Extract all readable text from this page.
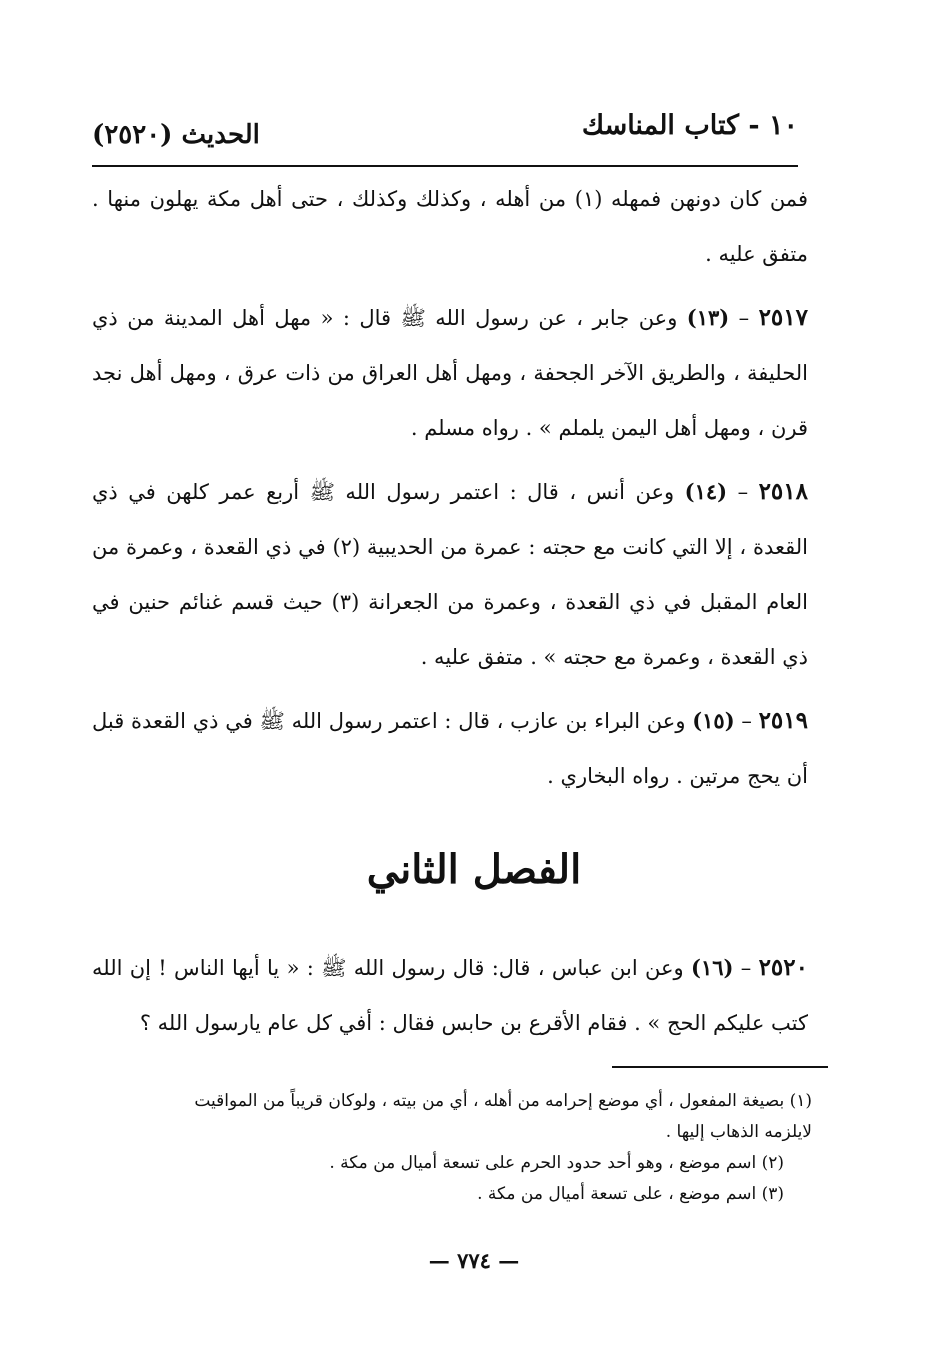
١٠ - كتاب المناسك
الحديث (٢٥٢٠)

فمن كان دونهن فمهله (١) من أهله ، وكذلك وكذلك ، حتى أهل مكة يهلون منها . متفق عليه .

٢٥١٧ – (١٣) وعن جابر ، عن رسول الله ﷺ قال : « مهل أهل المدينة من ذي الحليفة ، والطريق الآخر الجحفة ، ومهل أهل العراق من ذات عرق ، ومهل أهل نجد قرن ، ومهل أهل اليمن يلملم » . رواه مسلم .

٢٥١٨ – (١٤) وعن أنس ، قال : اعتمر رسول الله ﷺ أربع عمر كلهن في ذي القعدة ، إلا التي كانت مع حجته : عمرة من الحديبية (٢) في ذي القعدة ، وعمرة من العام المقبل في ذي القعدة ، وعمرة من الجعرانة (٣) حيث قسم غنائم حنين في ذي القعدة ، وعمرة مع حجته » . متفق عليه .

٢٥١٩ – (١٥) وعن البراء بن عازب ، قال : اعتمر رسول الله ﷺ في ذي القعدة قبل أن يحج مرتين . رواه البخاري .

الفصل الثاني

٢٥٢٠ – (١٦) وعن ابن عباس ، قال: قال رسول الله ﷺ : « يا أيها الناس ! إن الله كتب عليكم الحج » . فقام الأقرع بن حابس فقال : أفي كل عام يارسول الله ؟

(١) بصيغة المفعول ، أي موضع إحرامه من أهله ، أي من بيته ، ولوكان قريباً من المواقيت

لايلزمه الذهاب إليها .

(٢) اسم موضع ، وهو أحد حدود الحرم على تسعة أميال من مكة .

(٣) اسم موضع ، على تسعة أميال من مكة .

— ٧٧٤ —
